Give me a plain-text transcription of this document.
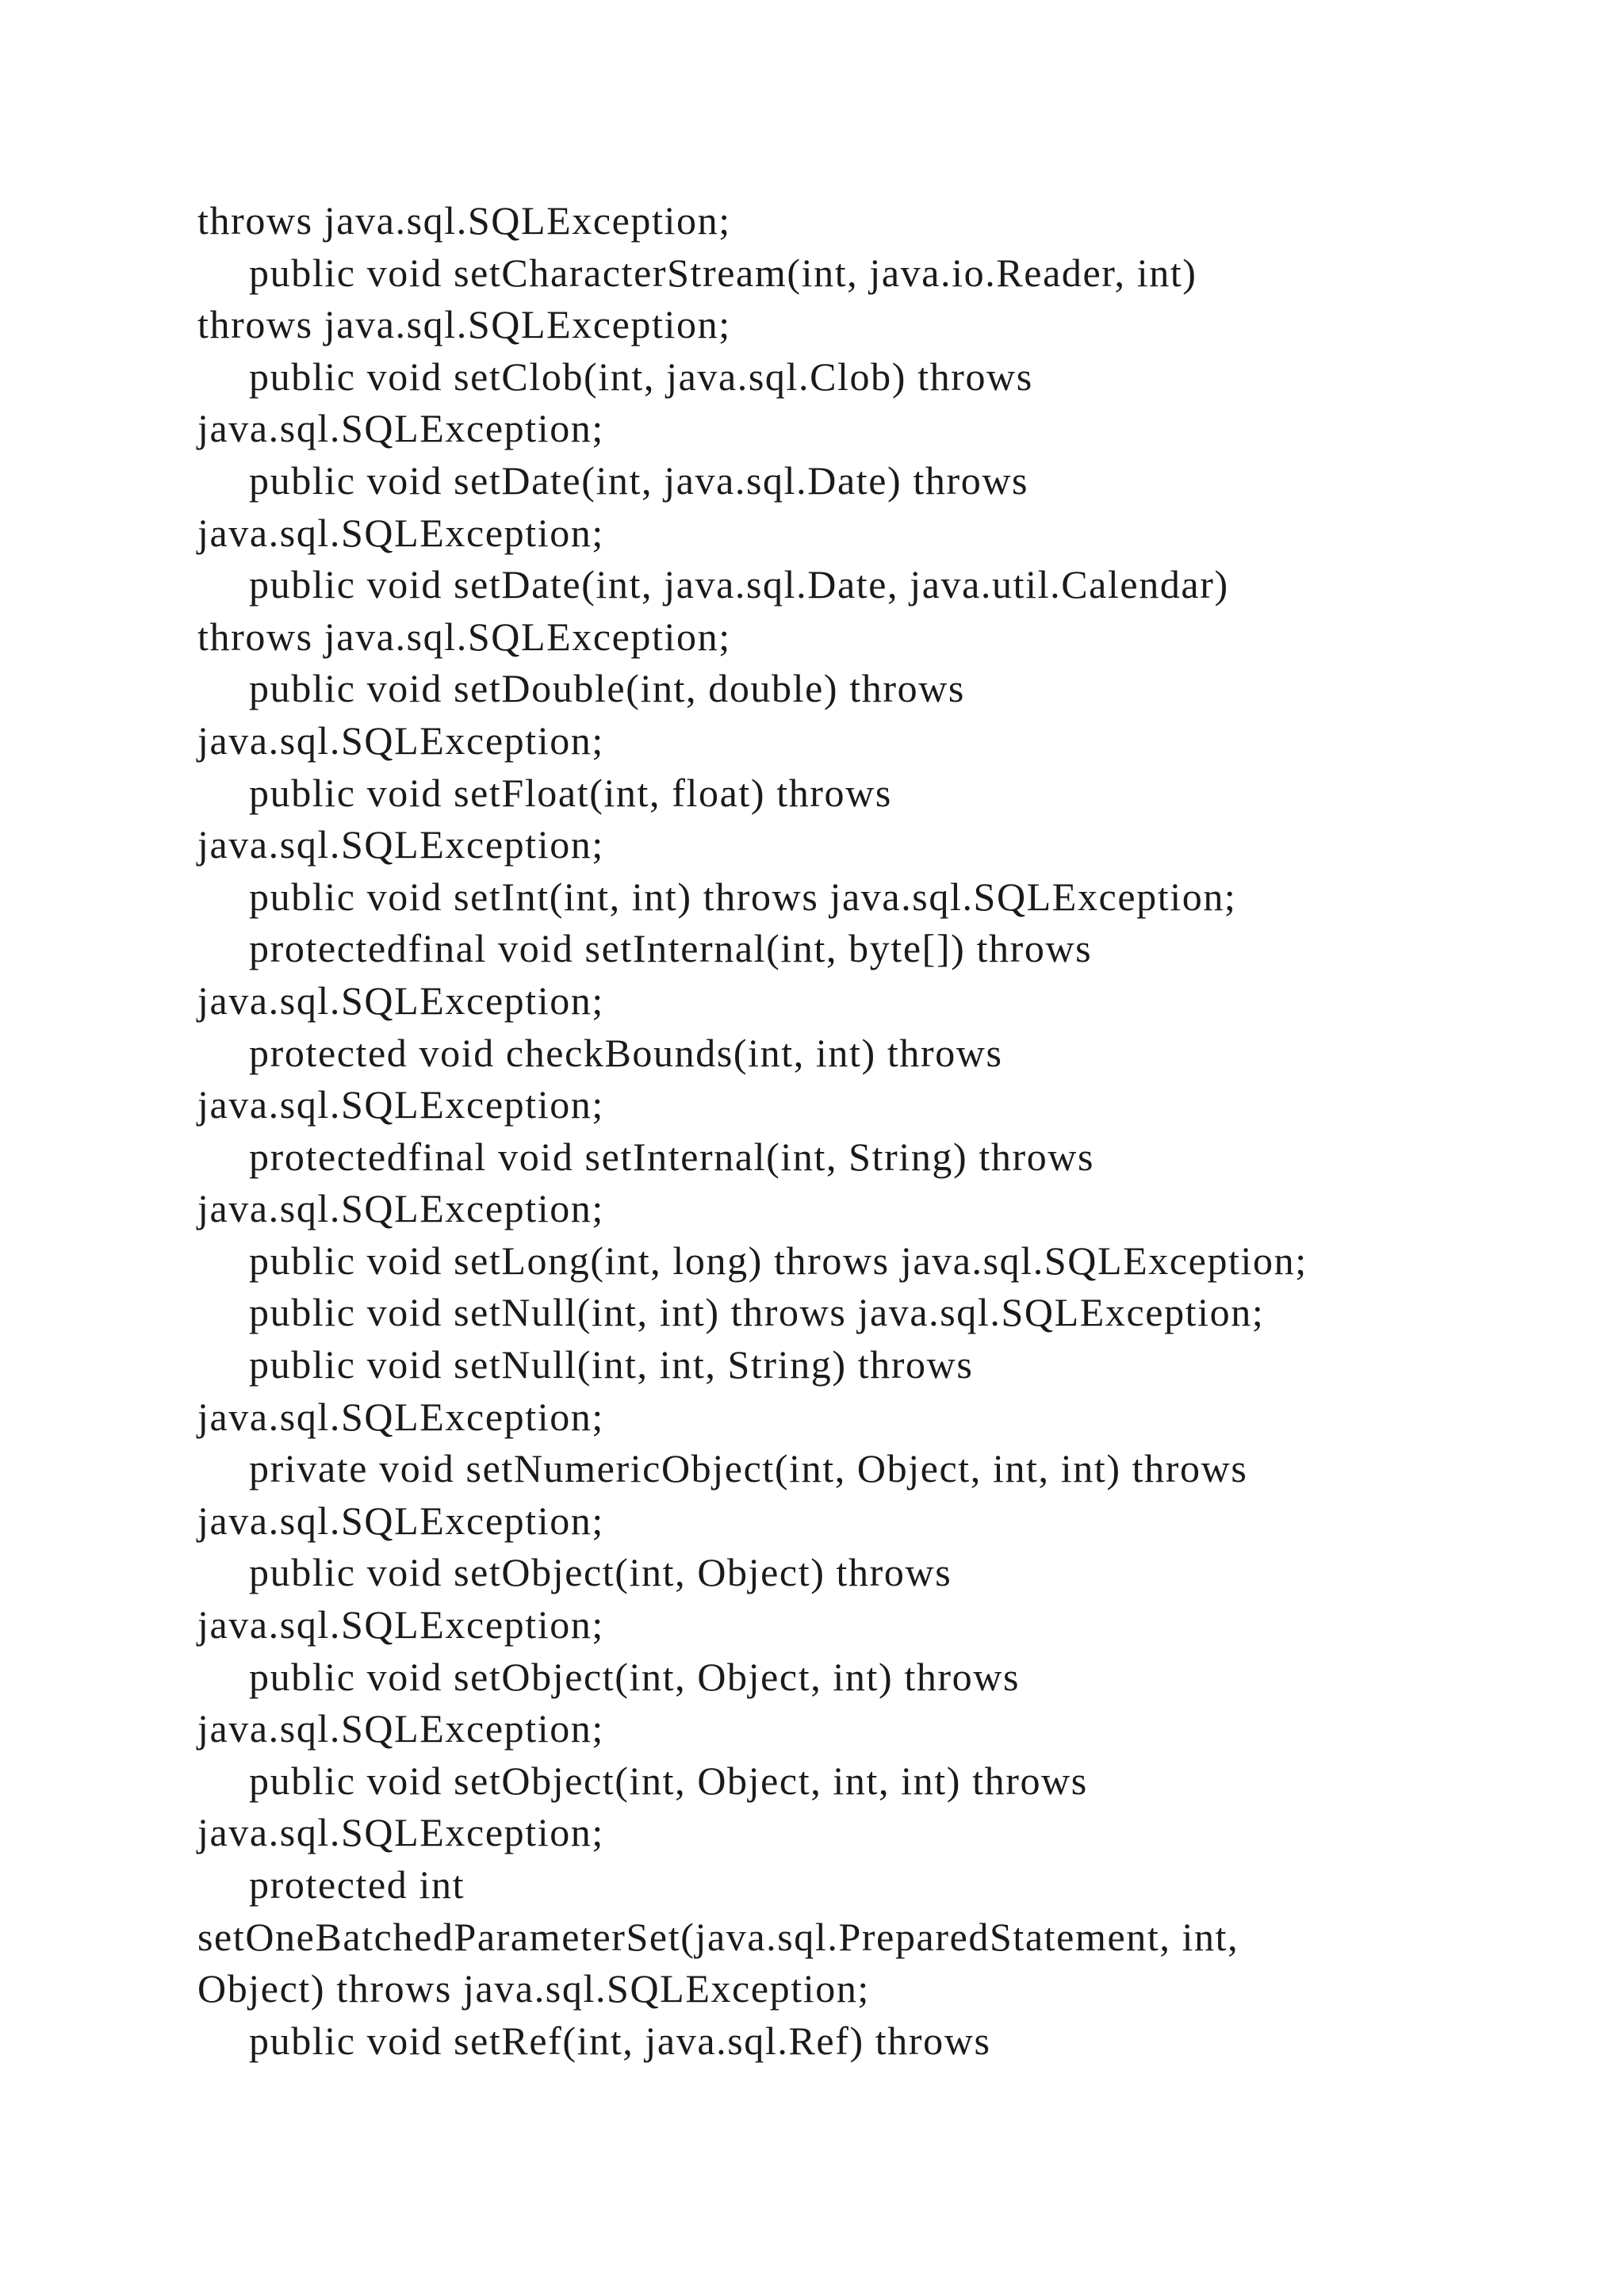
throws java.sql.SQLException;
public void setCharacterStream(int, java.io.Reader, int)
throws java.sql.SQLException;
public void setClob(int, java.sql.Clob) throws
java.sql.SQLException;
public void setDate(int, java.sql.Date) throws
java.sql.SQLException;
public void setDate(int, java.sql.Date, java.util.Calendar)
throws java.sql.SQLException;
public void setDouble(int, double) throws
java.sql.SQLException;
public void setFloat(int, float) throws
java.sql.SQLException;
public void setInt(int, int) throws java.sql.SQLException;
protectedfinal void setInternal(int, byte[]) throws
java.sql.SQLException;
protected void checkBounds(int, int) throws
java.sql.SQLException;
protectedfinal void setInternal(int, String) throws
java.sql.SQLException;
public void setLong(int, long) throws java.sql.SQLException;
public void setNull(int, int) throws java.sql.SQLException;
public void setNull(int, int, String) throws
java.sql.SQLException;
private void setNumericObject(int, Object, int, int) throws
java.sql.SQLException;
public void setObject(int, Object) throws
java.sql.SQLException;
public void setObject(int, Object, int) throws
java.sql.SQLException;
public void setObject(int, Object, int, int) throws
java.sql.SQLException;
protected int
setOneBatchedParameterSet(java.sql.PreparedStatement, int,
Object) throws java.sql.SQLException;
public void setRef(int, java.sql.Ref) throws
